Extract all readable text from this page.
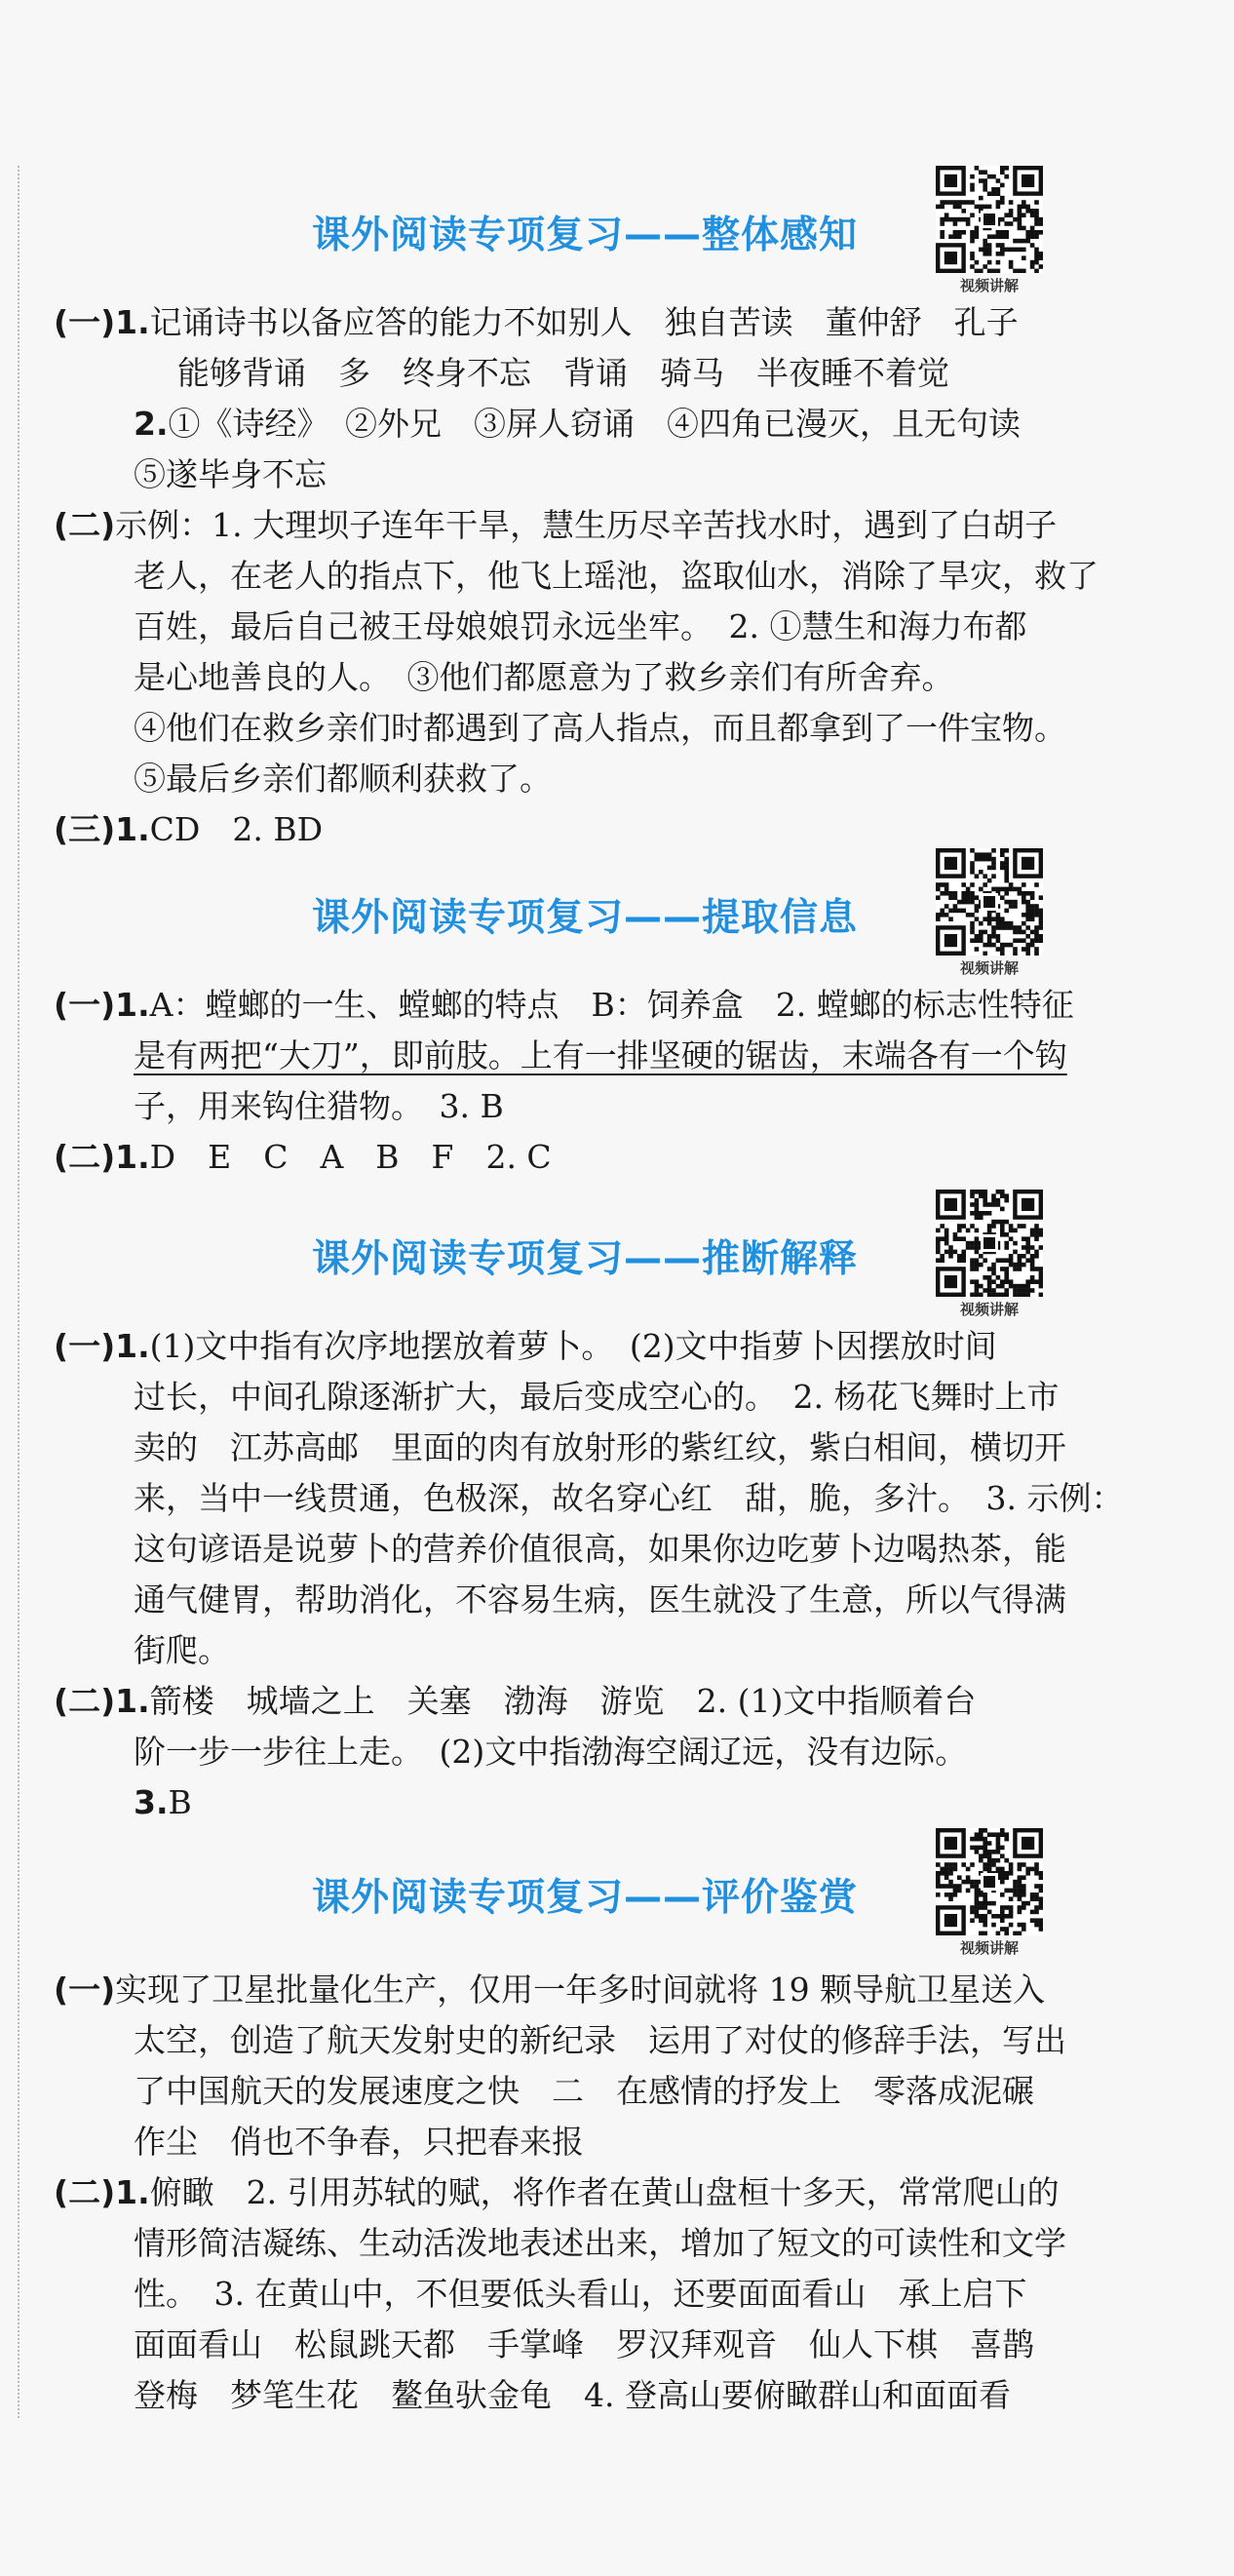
课外阅读专项复习——整体感知
视频讲解
(一)1.记诵诗书以备应答的能力不如别人　独自苦读　董仲舒　孔子
能够背诵　多　终身不忘　背诵　骑马　半夜睡不着觉
2.①《诗经》　②外兄　③屏人窃诵　④四角已漫灭，且无句读
⑤遂毕身不忘
(二)示例：1. 大理坝子连年干旱，慧生历尽辛苦找水时，遇到了白胡子
老人，在老人的指点下，他飞上瑶池，盗取仙水，消除了旱灾，救了
百姓，最后自己被王母娘娘罚永远坐牢。　2. ①慧生和海力布都
是心地善良的人。　③他们都愿意为了救乡亲们有所舍弃。
④他们在救乡亲们时都遇到了高人指点，而且都拿到了一件宝物。
⑤最后乡亲们都顺利获救了。
(三)1.CD　2. BD
课外阅读专项复习——提取信息
视频讲解
(一)1.A：螳螂的一生、螳螂的特点　B：饲养盒　2. 螳螂的标志性特征
是有两把“大刀”，即前肢。上有一排坚硬的锯齿，末端各有一个钩
子，用来钩住猎物。　3. B
(二)1.D　E　C　A　B　F　2. C
课外阅读专项复习——推断解释
视频讲解
(一)1.(1)文中指有次序地摆放着萝卜。　(2)文中指萝卜因摆放时间
过长，中间孔隙逐渐扩大，最后变成空心的。　2. 杨花飞舞时上市
卖的　江苏高邮　里面的肉有放射形的紫红纹，紫白相间，横切开
来，当中一线贯通，色极深，故名穿心红　甜，脆，多汁。　3. 示例：
这句谚语是说萝卜的营养价值很高，如果你边吃萝卜边喝热茶，能
通气健胃，帮助消化，不容易生病，医生就没了生意，所以气得满
街爬。
(二)1.箭楼　城墙之上　关塞　渤海　游览　2. (1)文中指顺着台
阶一步一步往上走。　(2)文中指渤海空阔辽远，没有边际。
3.B
课外阅读专项复习——评价鉴赏
视频讲解
(一)实现了卫星批量化生产，仅用一年多时间就将 19 颗导航卫星送入
太空，创造了航天发射史的新纪录　运用了对仗的修辞手法，写出
了中国航天的发展速度之快　二　在感情的抒发上　零落成泥碾
作尘　俏也不争春，只把春来报
(二)1.俯瞰　2. 引用苏轼的赋，将作者在黄山盘桓十多天，常常爬山的
情形简洁凝练、生动活泼地表述出来，增加了短文的可读性和文学
性。　3. 在黄山中，不但要低头看山，还要面面看山　承上启下
面面看山　松鼠跳天都　手掌峰　罗汉拜观音　仙人下棋　喜鹊
登梅　梦笔生花　鳌鱼驮金龟　4. 登高山要俯瞰群山和面面看
